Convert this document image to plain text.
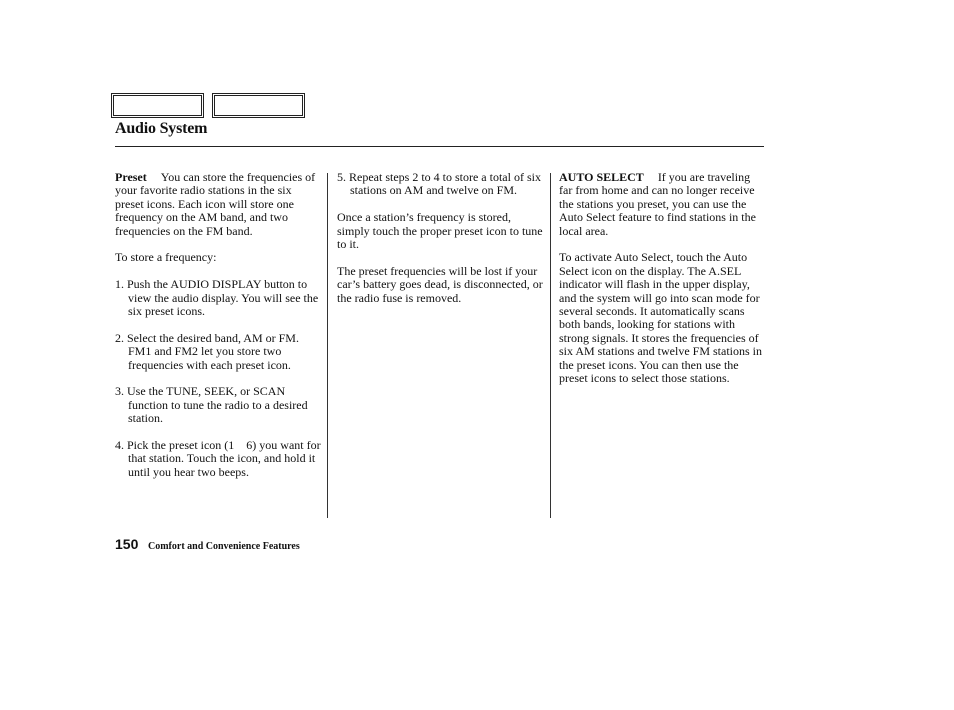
Audio System

Preset You can store the frequencies of your favorite radio stations in the six preset icons. Each icon will store one frequency on the AM band, and two frequencies on the FM band.

To store a frequency:

1. Push the AUDIO DISPLAY button to view the audio display. You will see the six preset icons.
2. Select the desired band, AM or FM. FM1 and FM2 let you store two frequencies with each preset icon.
3. Use the TUNE, SEEK, or SCAN function to tune the radio to a desired station.
4. Pick the preset icon (1    6) you want for that station. Touch the icon, and hold it until you hear two beeps.
5. Repeat steps 2 to 4 to store a total of six stations on AM and twelve on FM.

Once a station’s frequency is stored, simply touch the proper preset icon to tune to it.

The preset frequencies will be lost if your car’s battery goes dead, is disconnected, or the radio fuse is removed.

AUTO SELECT If you are traveling far from home and can no longer receive the stations you preset, you can use the Auto Select feature to find stations in the local area.

To activate Auto Select, touch the Auto Select icon on the display. The A.SEL indicator will flash in the upper display, and the system will go into scan mode for several seconds. It automatically scans both bands, looking for stations with strong signals. It stores the frequencies of six AM stations and twelve FM stations in the preset icons. You can then use the preset icons to select those stations.

150 Comfort and Convenience Features
